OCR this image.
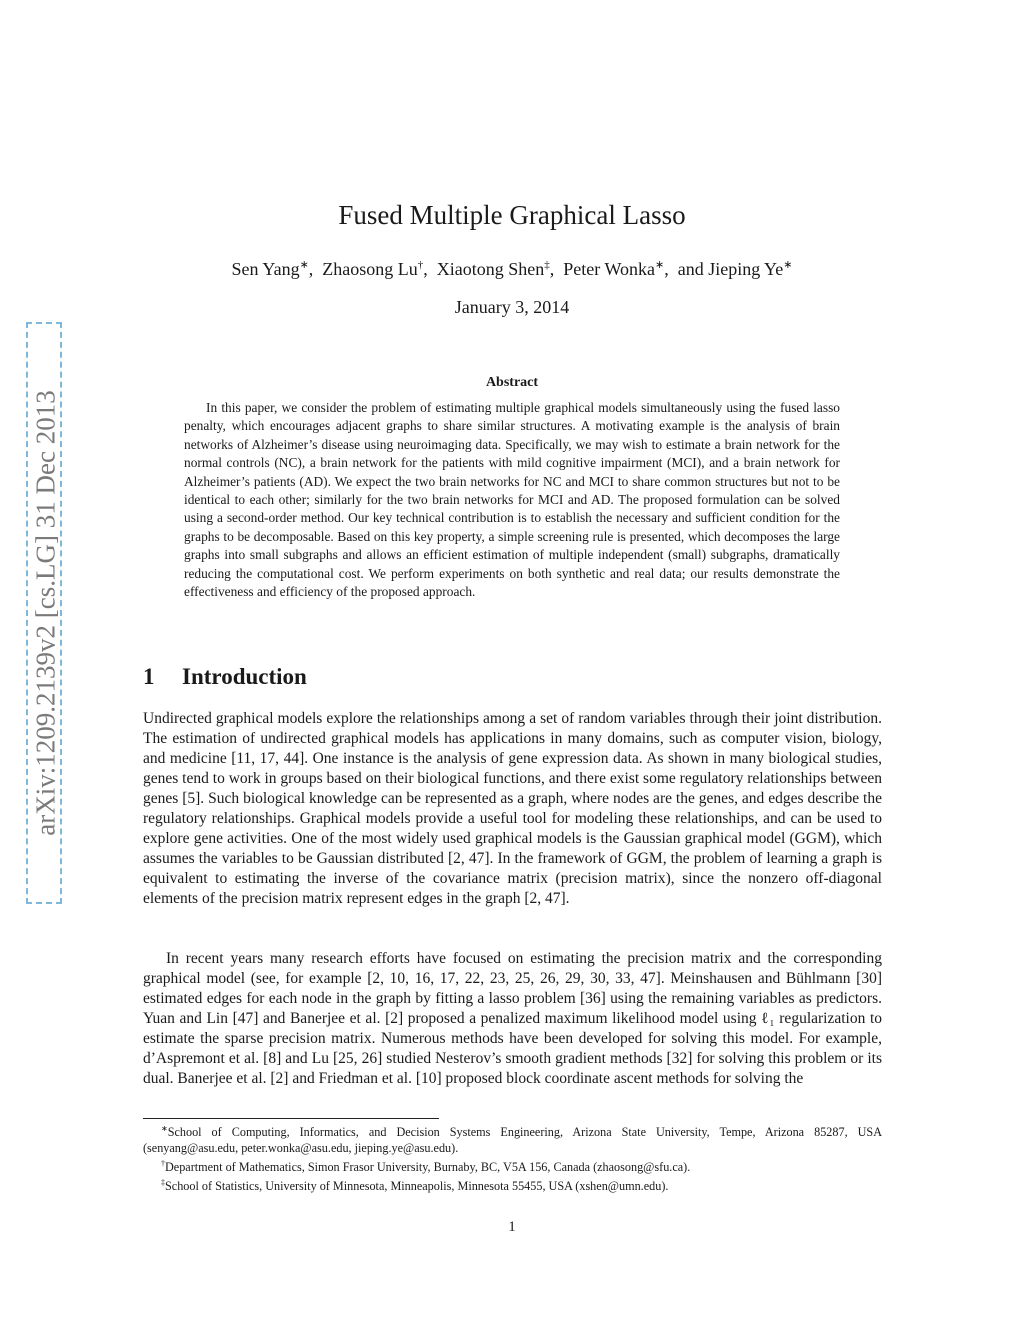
arXiv:1209.2139v2 [cs.LG] 31 Dec 2013
Fused Multiple Graphical Lasso
Sen Yang∗,  Zhaosong Lu†,  Xiaotong Shen‡,  Peter Wonka∗,  and Jieping Ye∗
January 3, 2014
Abstract
In this paper, we consider the problem of estimating multiple graphical models simultaneously using the fused lasso penalty, which encourages adjacent graphs to share similar structures. A motivating example is the analysis of brain networks of Alzheimer’s disease using neuroimaging data. Specifically, we may wish to estimate a brain network for the normal controls (NC), a brain network for the patients with mild cognitive impairment (MCI), and a brain network for Alzheimer’s patients (AD). We expect the two brain networks for NC and MCI to share common structures but not to be identical to each other; similarly for the two brain networks for MCI and AD. The proposed formulation can be solved using a second-order method. Our key technical contribution is to establish the necessary and sufficient condition for the graphs to be decomposable. Based on this key property, a simple screening rule is presented, which decomposes the large graphs into small subgraphs and allows an efficient estimation of multiple independent (small) subgraphs, dramatically reducing the computational cost. We perform experiments on both synthetic and real data; our results demonstrate the effectiveness and efficiency of the proposed approach.
1 Introduction
Undirected graphical models explore the relationships among a set of random variables through their joint distribution. The estimation of undirected graphical models has applications in many domains, such as computer vision, biology, and medicine [11, 17, 44]. One instance is the analysis of gene expression data. As shown in many biological studies, genes tend to work in groups based on their biological functions, and there exist some regulatory relationships between genes [5]. Such biological knowledge can be represented as a graph, where nodes are the genes, and edges describe the regulatory relationships. Graphical models provide a useful tool for modeling these relationships, and can be used to explore gene activities. One of the most widely used graphical models is the Gaussian graphical model (GGM), which assumes the variables to be Gaussian distributed [2, 47]. In the framework of GGM, the problem of learning a graph is equivalent to estimating the inverse of the covariance matrix (precision matrix), since the nonzero off-diagonal elements of the precision matrix represent edges in the graph [2, 47].
In recent years many research efforts have focused on estimating the precision matrix and the corresponding graphical model (see, for example [2, 10, 16, 17, 22, 23, 25, 26, 29, 30, 33, 47]. Meinshausen and Bühlmann [30] estimated edges for each node in the graph by fitting a lasso problem [36] using the remaining variables as predictors. Yuan and Lin [47] and Banerjee et al. [2] proposed a penalized maximum likelihood model using ℓ₁ regularization to estimate the sparse precision matrix. Numerous methods have been developed for solving this model. For example, d’Aspremont et al. [8] and Lu [25, 26] studied Nesterov’s smooth gradient methods [32] for solving this problem or its dual. Banerjee et al. [2] and Friedman et al. [10] proposed block coordinate ascent methods for solving the

∗School of Computing, Informatics, and Decision Systems Engineering, Arizona State University, Tempe, Arizona 85287, USA (senyang@asu.edu, peter.wonka@asu.edu, jieping.ye@asu.edu).

†Department of Mathematics, Simon Frasor University, Burnaby, BC, V5A 156, Canada (zhaosong@sfu.ca).

‡School of Statistics, University of Minnesota, Minneapolis, Minnesota 55455, USA (xshen@umn.edu).

1
